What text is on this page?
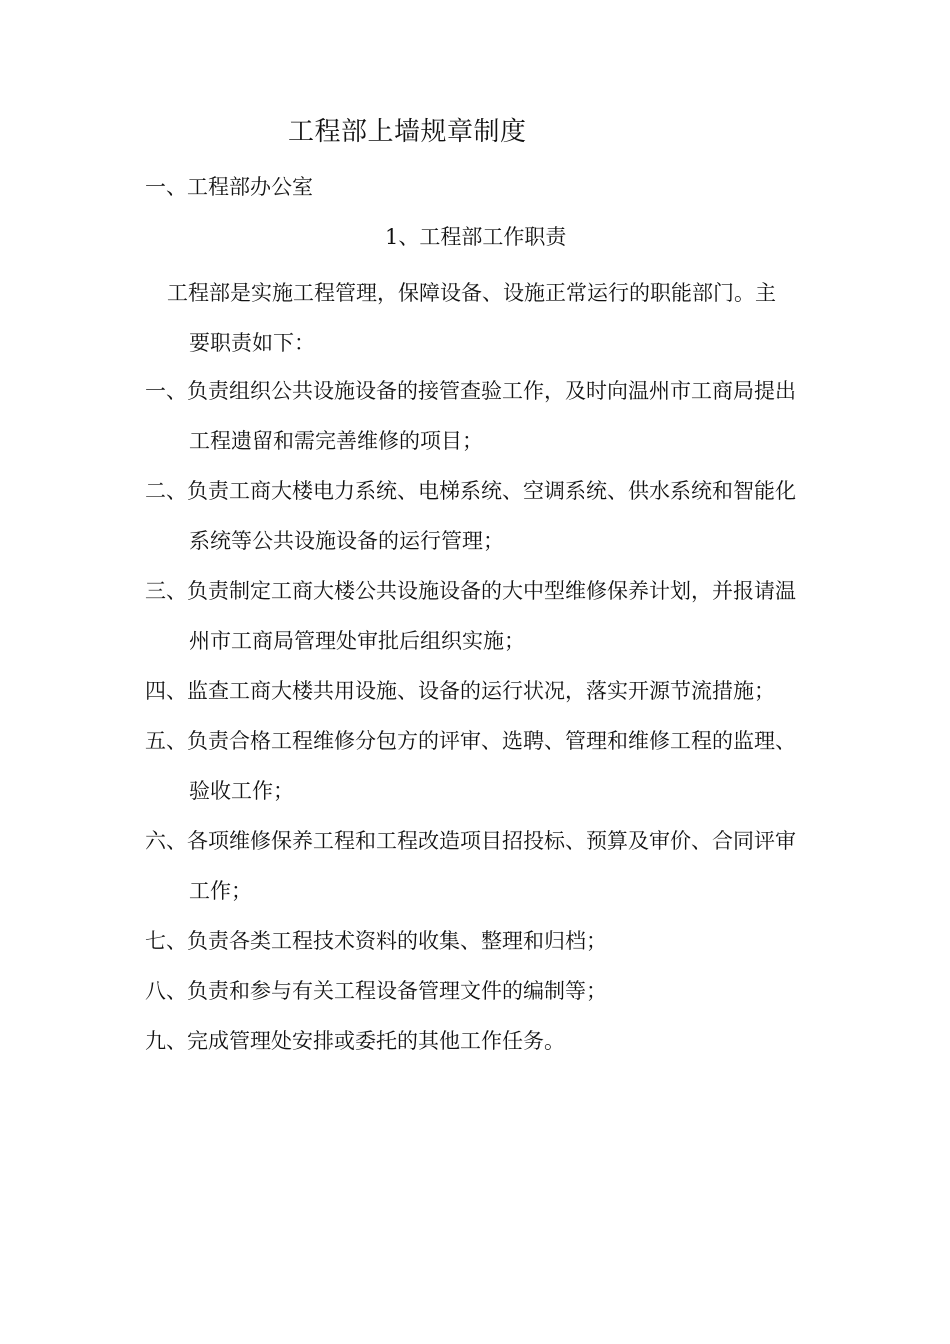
工程部上墙规章制度
一、工程部办公室
1、工程部工作职责
工程部是实施工程管理，保障设备、设施正常运行的职能部门。主
要职责如下：
一、负责组织公共设施设备的接管查验工作，及时向温州市工商局提出工程遗留和需完善维修的项目；
二、负责工商大楼电力系统、电梯系统、空调系统、供水系统和智能化系统等公共设施设备的运行管理；
三、负责制定工商大楼公共设施设备的大中型维修保养计划，并报请温州市工商局管理处审批后组织实施；
四、监查工商大楼共用设施、设备的运行状况，落实开源节流措施；
五、负责合格工程维修分包方的评审、选聘、管理和维修工程的监理、验收工作；
六、各项维修保养工程和工程改造项目招投标、预算及审价、合同评审工作；
七、负责各类工程技术资料的收集、整理和归档；
八、负责和参与有关工程设备管理文件的编制等；
九、完成管理处安排或委托的其他工作任务。
